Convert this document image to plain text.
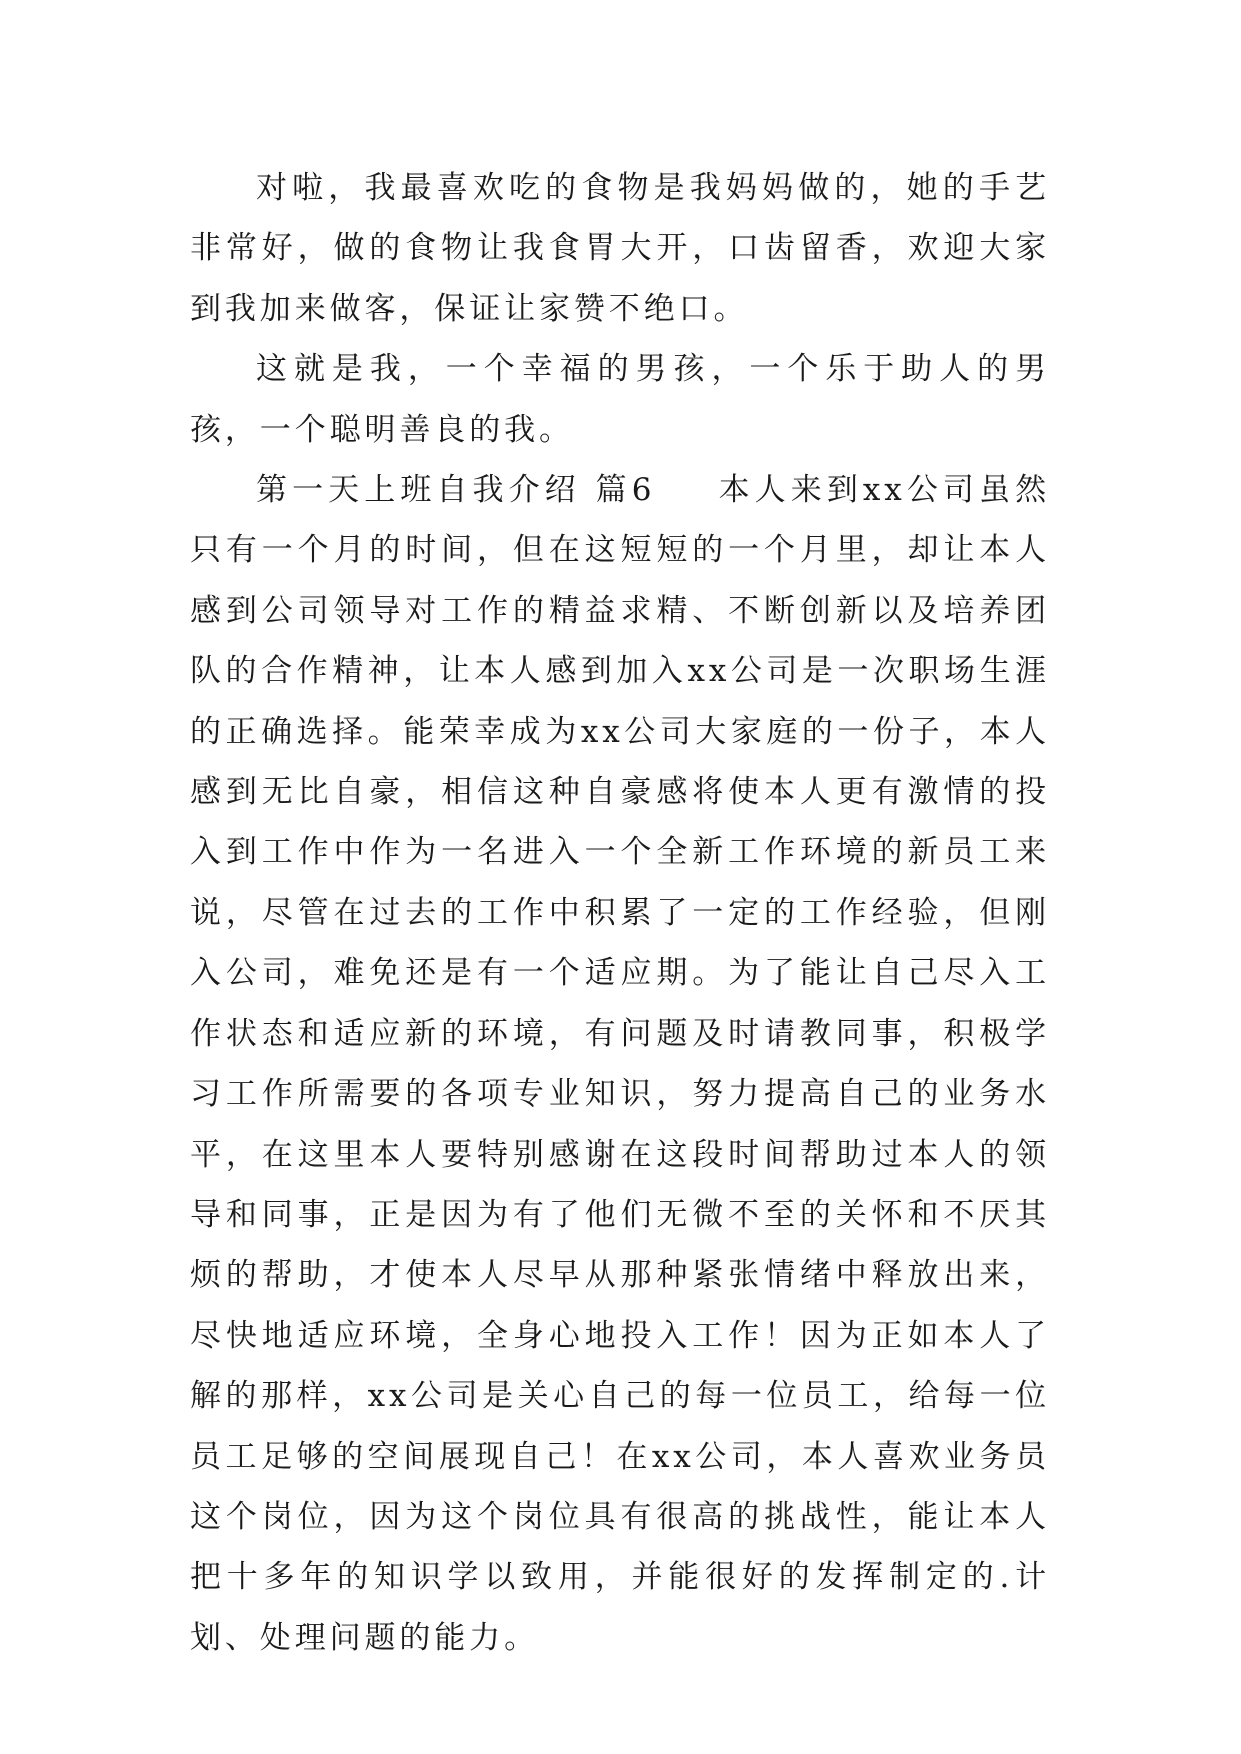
对啦，我最喜欢吃的食物是我妈妈做的，她的手艺非常好，做的食物让我食胃大开，口齿留香，欢迎大家到我加来做客，保证让家赞不绝口。

这就是我，一个幸福的男孩，一个乐于助人的男孩，一个聪明善良的我。

第一天上班自我介绍 篇6 本人来到xx公司虽然只有一个月的时间，但在这短短的一个月里，却让本人感到公司领导对工作的精益求精、不断创新以及培养团队的合作精神，让本人感到加入xx公司是一次职场生涯的正确选择。能荣幸成为xx公司大家庭的一份子，本人感到无比自豪，相信这种自豪感将使本人更有激情的投入到工作中作为一名进入一个全新工作环境的新员工来说，尽管在过去的工作中积累了一定的工作经验，但刚入公司，难免还是有一个适应期。为了能让自己尽入工作状态和适应新的环境，有问题及时请教同事，积极学习工作所需要的各项专业知识，努力提高自己的业务水平，在这里本人要特别感谢在这段时间帮助过本人的领导和同事，正是因为有了他们无微不至的关怀和不厌其烦的帮助，才使本人尽早从那种紧张情绪中释放出来，尽快地适应环境，全身心地投入工作！因为正如本人了解的那样，xx公司是关心自己的每一位员工，给每一位员工足够的空间展现自己！在xx公司，本人喜欢业务员这个岗位，因为这个岗位具有很高的挑战性，能让本人把十多年的知识学以致用，并能很好的发挥制定的.计划、处理问题的能力。
